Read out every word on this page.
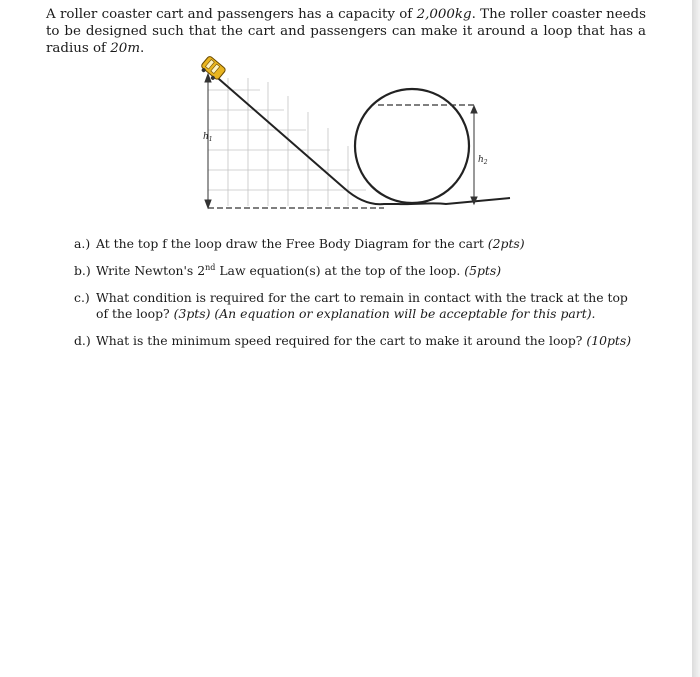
A roller coaster cart and passengers has a capacity of 2,000kg. The roller coaster needs to be designed such that the cart and passengers can make it around a loop that has a radius of 20m.
$h_1$
$h_2$
a.) At the top f the loop draw the Free Body Diagram for the cart (2pts)
b.) Write Newton's 2nd Law equation(s) at the top of the loop. (5pts)
c.) What condition is required for the cart to remain in contact with the track at the top of the loop? (3pts) (An equation or explanation will be acceptable for this part).
d.) What is the minimum speed required for the cart to make it around the loop? (10pts)
